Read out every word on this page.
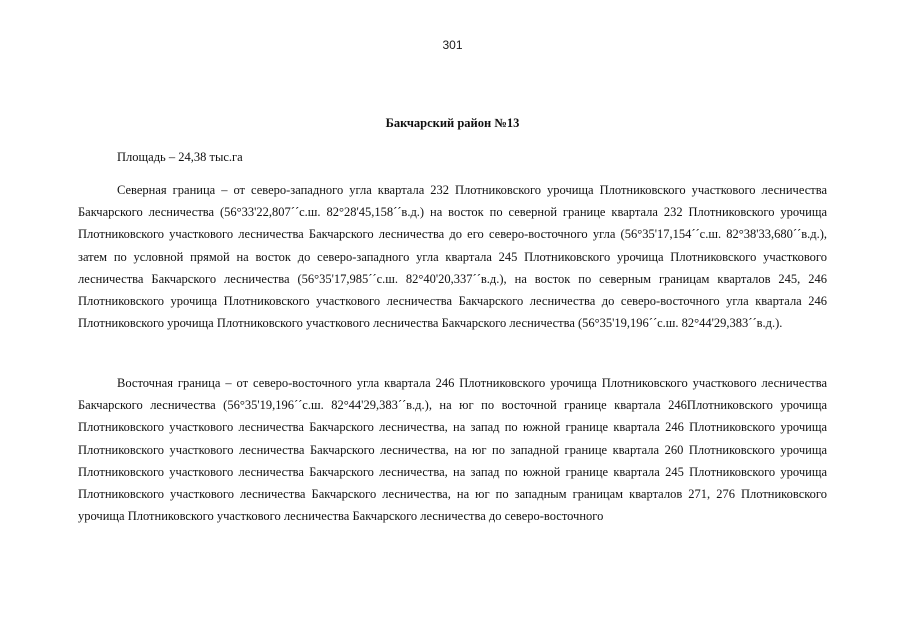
301
Бакчарский район №13
Площадь – 24,38 тыс.га

Северная граница – от северо-западного угла квартала 232 Плотниковского урочища Плотниковского участкового лесничества Бакчарского лесничества (56°33'22,807´´с.ш. 82°28'45,158´´в.д.) на восток по северной границе квартала 232 Плотниковского урочища Плотниковского участкового лесничества Бакчарского лесничества до его северо-восточного угла (56°35'17,154´´с.ш. 82°38'33,680´´в.д.), затем по условной прямой на восток до северо-западного угла квартала 245 Плотниковского урочища Плотниковского участкового лесничества Бакчарского лесничества (56°35'17,985´´с.ш. 82°40'20,337´´в.д.), на восток по северным границам кварталов 245, 246 Плотниковского урочища Плотниковского участкового лесничества Бакчарского лесничества до северо-восточного угла квартала 246 Плотниковского урочища Плотниковского участкового лесничества Бакчарского лесничества (56°35'19,196´´с.ш. 82°44'29,383´´в.д.).

Восточная граница – от северо-восточного угла квартала 246 Плотниковского урочища Плотниковского участкового лесничества Бакчарского лесничества (56°35'19,196´´с.ш. 82°44'29,383´´в.д.), на юг по восточной границе квартала 246Плотниковского урочища Плотниковского участкового лесничества Бакчарского лесничества, на запад по южной границе квартала 246 Плотниковского урочища Плотниковского участкового лесничества Бакчарского лесничества, на юг по западной границе квартала 260 Плотниковского урочища Плотниковского участкового лесничества Бакчарского лесничества, на запад по южной границе квартала 245 Плотниковского урочища Плотниковского участкового лесничества Бакчарского лесничества, на юг по западным границам кварталов 271, 276 Плотниковского урочища Плотниковского участкового лесничества Бакчарского лесничества до северо-восточного
